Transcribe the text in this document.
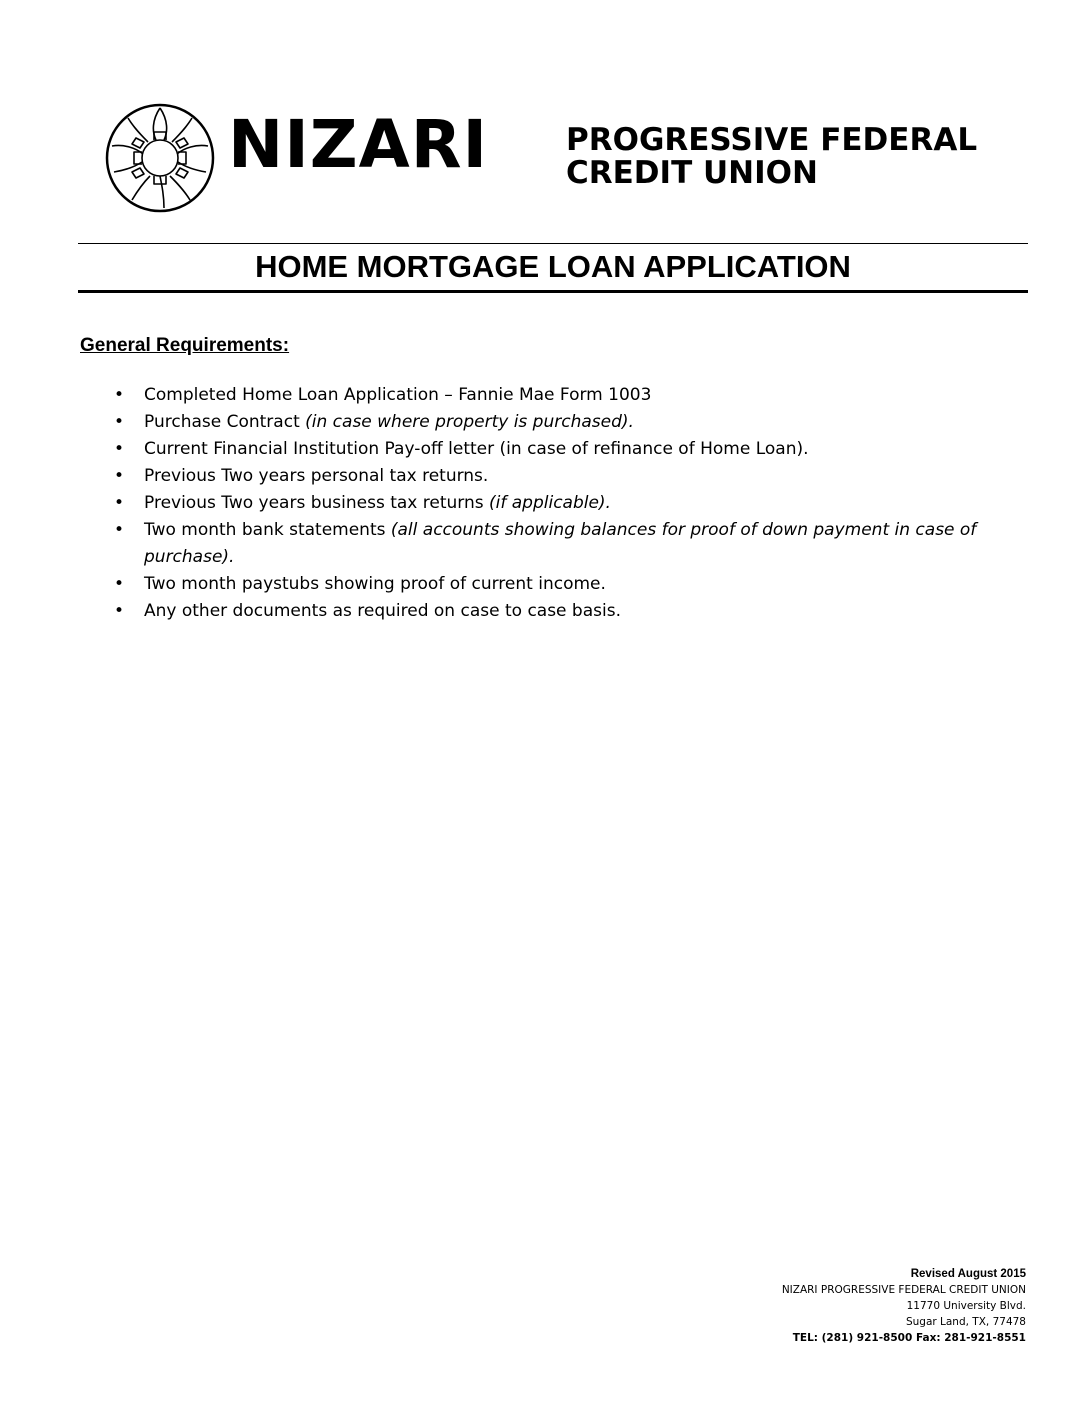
NIZARI	PROGRESSIVE FEDERAL
CREDIT UNION
HOME MORTGAGE LOAN APPLICATION
General Requirements:
• Completed Home Loan Application – Fannie Mae Form 1003
• Purchase Contract (in case where property is purchased).
• Current Financial Institution Pay-off letter (in case of refinance of Home Loan).
• Previous Two years personal tax returns.
• Previous Two years business tax returns (if applicable).
• Two month bank statements (all accounts showing balances for proof of down payment in case of purchase).
• Two month paystubs showing proof of current income.
• Any other documents as required on case to case basis.
Revised August 2015
NIZARI PROGRESSIVE FEDERAL CREDIT UNION
11770 University Blvd.
Sugar Land, TX, 77478
TEL: (281) 921-8500 Fax: 281-921-8551
